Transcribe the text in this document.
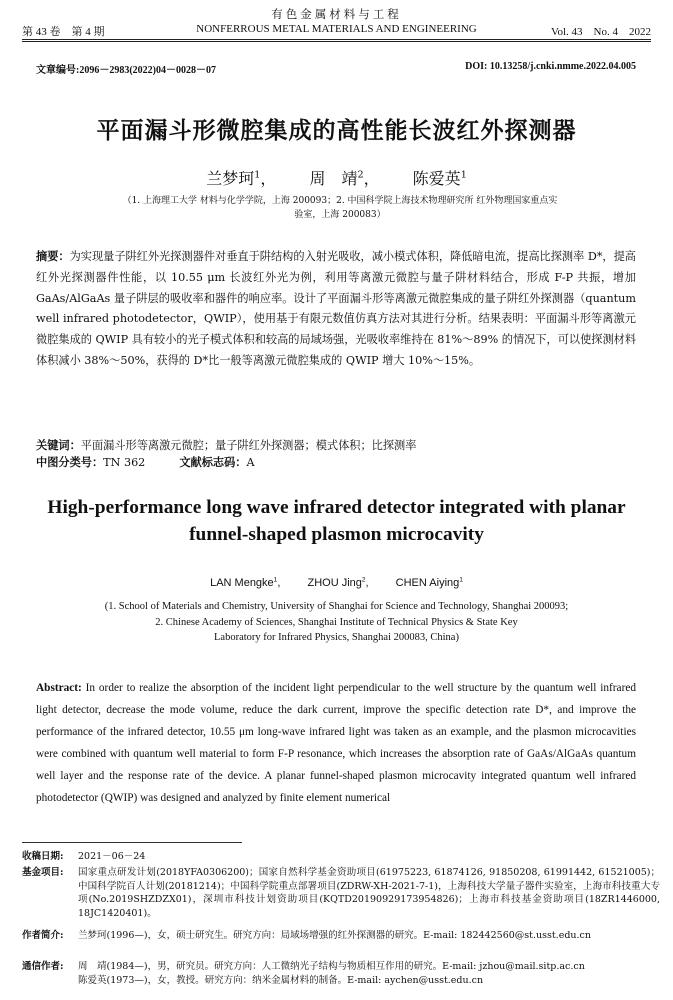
有色金属材料与工程
第 43 卷　第 4 期	NONFERROUS METAL MATERIALS AND ENGINEERING	Vol. 43　No. 4　2022
文章编号:2096－2983(2022)04－0028－07	DOI: 10.13258/j.cnki.nmme.2022.04.005
平面漏斗形微腔集成的高性能长波红外探测器
兰梦珂$^1$， 周　靖$^2$， 陈爱英$^1$
（1. 上海理工大学 材料与化学学院，上海 200093；2. 中国科学院上海技术物理研究所 红外物理国家重点实验室，上海 200083）
摘要：为实现量子阱红外光探测器件对垂直于阱结构的入射光吸收，减小模式体积，降低暗电流，提高比探测率 D*，提高红外光探测器件性能，以 10.55 μm 长波红外光为例，利用等离激元微腔与量子阱材料结合，形成 F-P 共振，增加 GaAs/AlGaAs 量子阱层的吸收率和器件的响应率。设计了平面漏斗形等离激元微腔集成的量子阱红外探测器（quantum well infrared photodetector，QWIP），使用基于有限元数值仿真方法对其进行分析。结果表明：平面漏斗形等离激元微腔集成的 QWIP 具有较小的光子模式体积和较高的局域场强，光吸收率维持在 81%～89% 的情况下，可以使探测材料体积减小 38%～50%，获得的 D*比一般等离激元微腔集成的 QWIP 增大 10%～15%。
关键词：平面漏斗形等离激元微腔；量子阱红外探测器；模式体积；比探测率
中图分类号：TN 362	文献标志码：A
High-performance long wave infrared detector integrated with planar funnel-shaped plasmon microcavity
LAN Mengke$^1$, ZHOU Jing$^2$, CHEN Aiying$^1$
(1. School of Materials and Chemistry, University of Shanghai for Science and Technology, Shanghai 200093;
2. Chinese Academy of Sciences, Shanghai Institute of Technical Physics & State Key
Laboratory for Infrared Physics, Shanghai 200083, China)
Abstract: In order to realize the absorption of the incident light perpendicular to the well structure by the quantum well infrared light detector, decrease the mode volume, reduce the dark current, improve the specific detection rate D*, and improve the performance of the infrared detector, 10.55 μm long-wave infrared light was taken as an example, and the plasmon microcavities were combined with quantum well material to form F-P resonance, which increases the absorption rate of GaAs/AlGaAs quantum well layer and the response rate of the device. A planar funnel-shaped plasmon microcavity integrated quantum well infrared photodetector (QWIP) was designed and analyzed by finite element numerical
收稿日期: 2021－06－24
基金项目: 国家重点研发计划(2018YFA0306200)；国家自然科学基金资助项目(61975223, 61874126, 91850208, 61991442, 61521005)；中国科学院百人计划(20181214)；中国科学院重点部署项目(ZDRW-XH-2021-7-1)，上海科技大学量子器件实验室，上海市科技重大专项(No.2019SHZDZX01)，深圳市科技计划资助项目(KQTD20190929173954826)；上海市科技基金资助项目(18ZR1446000, 18JC1420401)。
作者简介: 兰梦珂(1996—)，女，硕士研究生。研究方向：局域场增强的红外探测器的研究。E-mail: 182442560@st.usst.edu.cn
通信作者: 周　靖(1984—)，男，研究员。研究方向：人工微纳光子结构与物质相互作用的研究。E-mail: jzhou@mail.sitp.ac.cn
陈爱英(1973—)，女，教授。研究方向：纳米金属材料的制备。E-mail: aychen@usst.edu.cn
